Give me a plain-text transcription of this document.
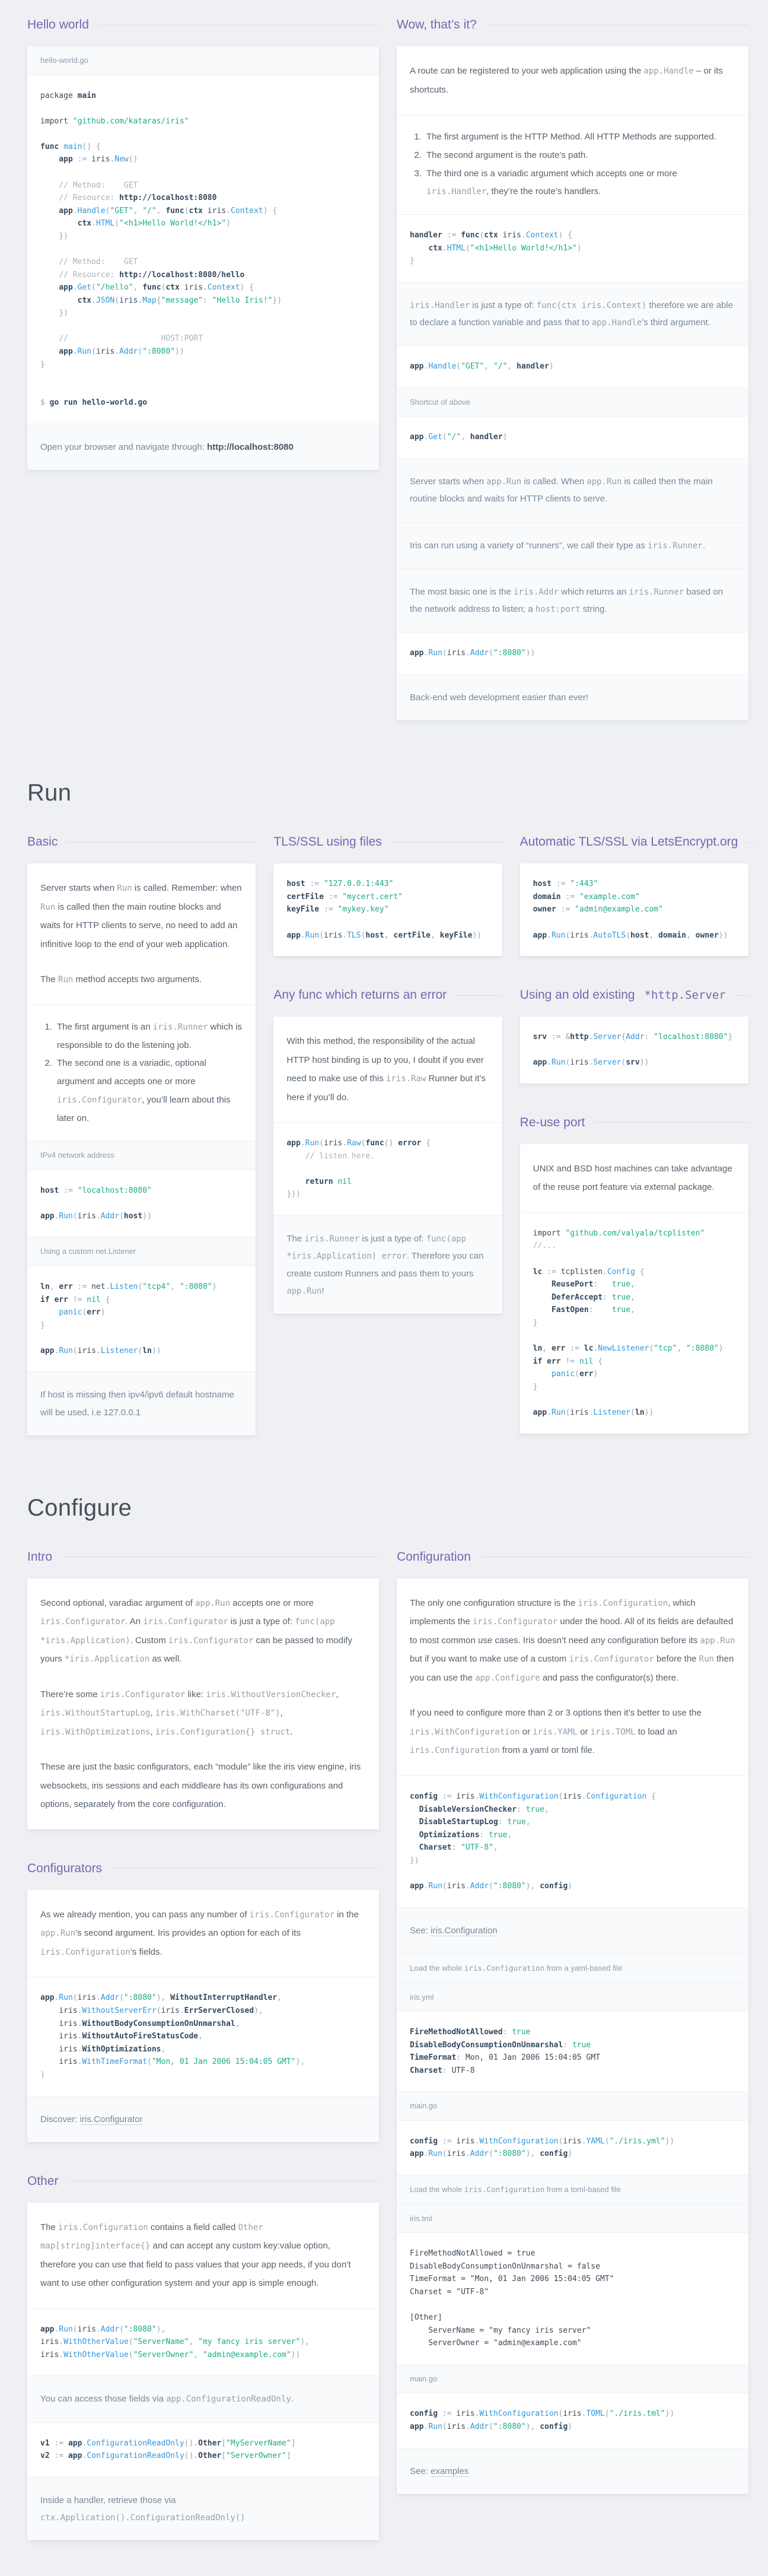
Hello world
hello-world.go
package main
import "github.com/kataras/iris"
func main() {
app := iris.New()
// Method:    GET
// Resource: http://localhost:8080
app.Handle("GET", "/", func(ctx iris.Context) {
ctx.HTML("<h1>Hello World!</h1>")
})
// Method:    GET
// Resource: http://localhost:8080/hello
app.Get("/hello", func(ctx iris.Context) {
ctx.JSON(iris.Map{"message": "Hello Iris!"})
})
//                    HOST:PORT
app.Run(iris.Addr(":8080"))
}
$ go run hello-world.go
Open your browser and navigate through: http://localhost:8080
Wow, that’s it?

A route can be registered to your web application using the app.Handle – or its shortcuts.

1. The first argument is the HTTP Method. All HTTP Methods are supported.
2. The second argument is the route’s path.
3. The third one is a variadic argument which accepts one or more iris.Handler, they’re the route’s handlers.
handler := func(ctx iris.Context) {
ctx.HTML("<h1>Hello World!</h1>")
}
iris.Handler is just a type of: func(ctx iris.Context) therefore we are able to declare a function variable and pass that to app.Handle’s third argument.
app.Handle("GET", "/", handler)
Shortcut of above
app.Get("/", handler)
Server starts when app.Run is called. When app.Run is called then the main routine blocks and waits for HTTP clients to serve.
Iris can run using a variety of “runners”, we call their type as iris.Runner.
The most basic one is the iris.Addr which returns an iris.Runner based on the network address to listen; a host:port string.
app.Run(iris.Addr(":8080"))
Back-end web development easier than ever!
Run
Basic

Server starts when Run is called. Remember: when Run is called then the main routine blocks and waits for HTTP clients to serve, no need to add an infinitive loop to the end of your web application.

The Run method accepts two arguments.

1. The first argument is an iris.Runner which is responsible to do the listening job.
2. The second one is a variadic, optional argument and accepts one or more iris.Configurator, you’ll learn about this later on.
IPv4 network address
host := "localhost:8080"
app.Run(iris.Addr(host))
Using a custom net.Listener
ln, err := net.Listen("tcp4", ":8080")
if err != nil {
panic(err)
}
app.Run(iris.Listener(ln))
If host is missing then ipv4/ipv6 default hostname will be used, i.e 127.0.0.1
TLS/SSL using files
host := "127.0.0.1:443"
certFile := "mycert.cert"
keyFile := "mykey.key"
app.Run(iris.TLS(host, certFile, keyFile))
Any func which returns an error

With this method, the responsibility of the actual HTTP host binding is up to you, I doubt if you ever need to make use of this iris.Raw Runner but it’s here if you’ll do.

app.Run(iris.Raw(func() error {
// listen here.
return nil
}))
The iris.Runner is just a type of: func(app *iris.Application) error. Therefore you can create custom Runners and pass them to yours app.Run!
Automatic TLS/SSL via LetsEncrypt.org
host := ":443"
domain := "example.com"
owner := "admin@example.com"
app.Run(iris.AutoTLS(host, domain, owner))
Using an old existing *http.Server
srv := &http.Server{Addr: "localhost:8080"}
app.Run(iris.Server(srv))
Re-use port

UNIX and BSD host machines can take advantage of the reuse port feature via external package.

import "github.com/valyala/tcplisten"
//...
lc := tcplisten.Config {
ReusePort:   true,
DeferAccept: true,
FastOpen:    true,
}
ln, err := lc.NewListener("tcp", ":8080")
if err != nil {
panic(err)
}
app.Run(iris.Listener(ln))
Configure
Intro

Second optional, varadiac argument of app.Run accepts one or more iris.Configurator. An iris.Configurator is just a type of: func(app *iris.Application). Custom iris.Configurator can be passed to modify yours *iris.Application as well.

There’re some iris.Configurator like: iris.WithoutVersionChecker, iris.WithoutStartupLog, iris.WithCharset("UTF-8"), iris.WithOptimizations, iris.Configuration{} struct.

These are just the basic configurators, each “module” like the iris view engine, iris websockets, iris sessions and each middleare has its own configurations and options, separately from the core configuration.

Configurators

As we already mention, you can pass any number of iris.Configurator in the app.Run’s second argument. Iris provides an option for each of its iris.Configuration’s fields.

app.Run(iris.Addr(":8080"), WithoutInterruptHandler,
iris.WithoutServerErr(iris.ErrServerClosed),
iris.WithoutBodyConsumptionOnUnmarshal,
iris.WithoutAutoFireStatusCode,
iris.WithOptimizations,
iris.WithTimeFormat("Mon, 01 Jan 2006 15:04:05 GMT"),
)
Discover: iris.Configurator
Other

The iris.Configuration contains a field called Other map[string]interface{} and can accept any custom key:value option, therefore you can use that field to pass values that your app needs, if you don’t want to use other configuration system and your app is simple enough.

app.Run(iris.Addr(":8080"),
iris.WithOtherValue("ServerName", "my fancy iris server"),
iris.WithOtherValue("ServerOwner", "admin@example.com"))
You can access those fields via app.ConfigurationReadOnly.
v1 := app.ConfigurationReadOnly().Other["MyServerName"]
v2 := app.ConfigurationReadOnly().Other["ServerOwner"]
Inside a handler, retrieve those via ctx.Application().ConfigurationReadOnly()
Configuration

The only one configuration structure is the iris.Configuration, which implements the iris.Configurator under the hood. All of its fields are defaulted to most common use cases. Iris doesn’t need any configuration before its app.Run but if you want to make use of a custom iris.Configurator before the Run then you can use the app.Configure and pass the configurator(s) there.

If you need to configure more than 2 or 3 options then it’s better to use the iris.WithConfiguration or iris.YAML or iris.TOML to load an iris.Configuration from a yaml or toml file.

config := iris.WithConfiguration(iris.Configuration {
DisableVersionChecker: true,
DisableStartupLog: true,
Optimizations: true,
Charset: "UTF-8",
})
app.Run(iris.Addr(":8080"), config)
See: iris.Configuration
Load the whole iris.Configuration from a yaml-based file
iris.yml
FireMethodNotAllowed: true
DisableBodyConsumptionOnUnmarshal: true
TimeFormat: Mon, 01 Jan 2006 15:04:05 GMT
Charset: UTF-8
main.go
config := iris.WithConfiguration(iris.YAML("./iris.yml"))
app.Run(iris.Addr(":8080"), config)
Load the whole iris.Configuration from a toml-based file
iris.tml
FireMethodNotAllowed = true
DisableBodyConsumptionOnUnmarshal = false
TimeFormat = "Mon, 01 Jan 2006 15:04:05 GMT"
Charset = "UTF-8"
[Other]
ServerName = "my fancy iris server"
ServerOwner = "admin@example.com"
main.go
config := iris.WithConfiguration(iris.TOML("./iris.tml"))
app.Run(iris.Addr(":8080"), config)
See: examples
